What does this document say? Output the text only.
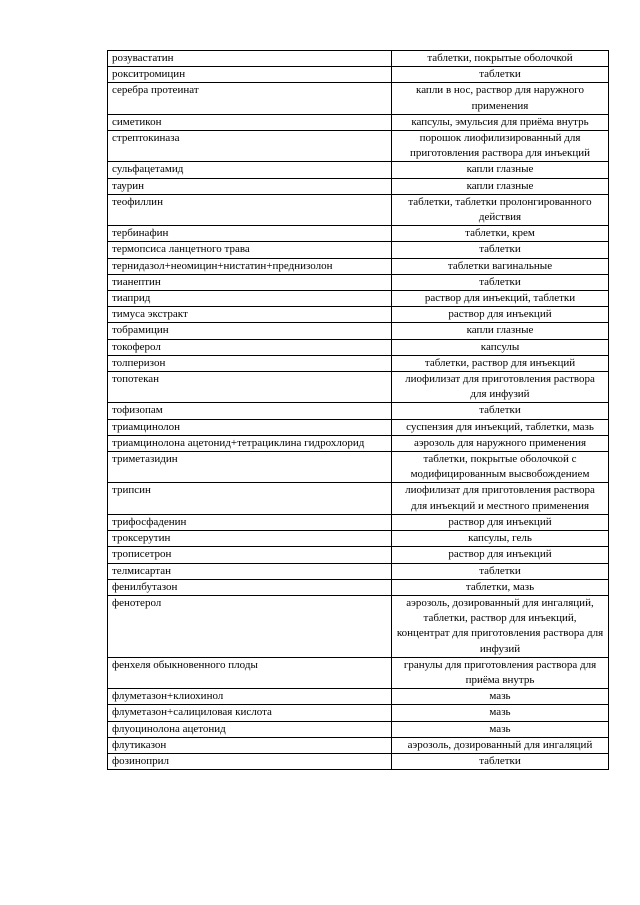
розувастатин	таблетки, покрытые оболочкой
рокситромицин	таблетки
серебра протеинат	капли в нос, раствор для наружного применения
симетикон	капсулы, эмульсия для приёма внутрь
стрептокиназа	порошок лиофилизированный для приготовления раствора для инъекций
сульфацетамид	капли глазные
таурин	капли глазные
теофиллин	таблетки, таблетки пролонгированного действия
тербинафин	таблетки, крем
термопсиса ланцетного трава	таблетки
тернидазол+неомицин+нистатин+преднизолон	таблетки вагинальные
тианептин	таблетки
тиаприд	раствор для инъекций, таблетки
тимуса экстракт	раствор для инъекций
тобрамицин	капли глазные
токоферол	капсулы
толперизон	таблетки, раствор для инъекций
топотекан	лиофилизат для приготовления раствора для инфузий
тофизопам	таблетки
триамцинолон	суспензия для инъекций, таблетки, мазь
триамцинолона ацетонид+тетрациклина гидрохлорид	аэрозоль для наружного применения
триметазидин	таблетки, покрытые оболочкой с модифицированным высвобождением
трипсин	лиофилизат для приготовления раствора для инъекций и местного применения
трифосфаденин	раствор для инъекций
троксерутин	капсулы, гель
трописетрон	раствор для инъекций
телмисартан	таблетки
фенилбутазон	таблетки, мазь
фенотерол	аэрозоль, дозированный для ингаляций, таблетки, раствор для инъекций, концентрат для приготовления раствора для инфузий
фенхеля обыкновенного плоды	гранулы для приготовления раствора для приёма внутрь
флуметазон+клиохинол	мазь
флуметазон+салициловая кислота	мазь
флуоцинолона ацетонид	мазь
флутиказон	аэрозоль, дозированный для ингаляций
фозиноприл	таблетки
